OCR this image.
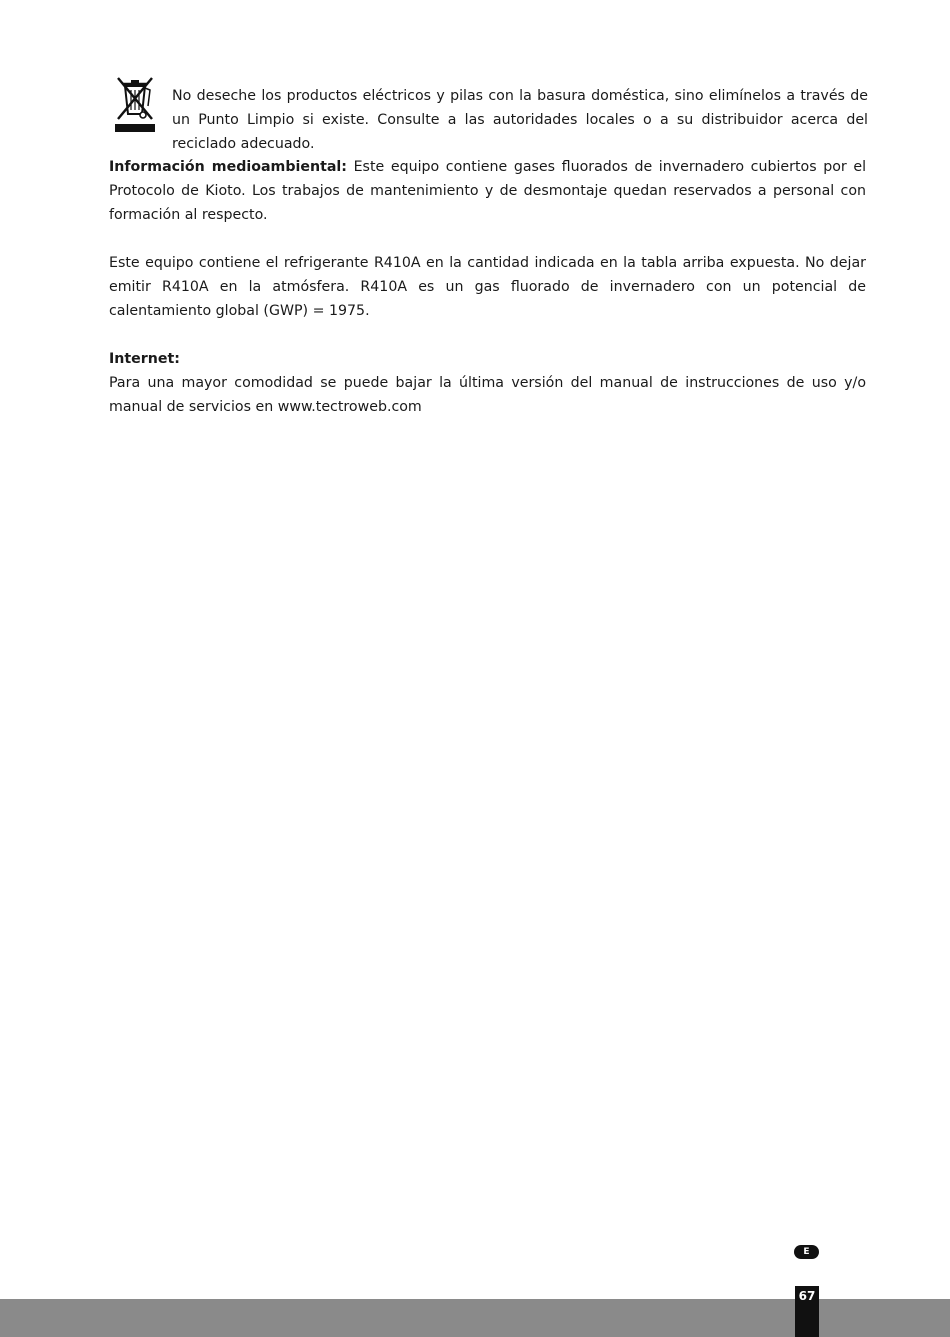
No deseche los productos eléctricos y pilas con la basura doméstica, sino elimínelos a través de un Punto Limpio si existe. Consulte a las autoridades locales o a su distribuidor acerca del reciclado adecuado.

Información medioambiental: Este equipo contiene gases fluorados de invernadero cubiertos por el Protocolo de Kioto. Los trabajos de mantenimiento y de desmontaje quedan reservados a personal con formación al respecto.

Este equipo contiene el refrigerante R410A en la cantidad indicada en la tabla arriba expuesta. No dejar emitir R410A en la atmósfera. R410A es un gas fluorado de invernadero con un potencial de calentamiento global (GWP) = 1975.

Internet:

Para una mayor comodidad se puede bajar la última versión del manual de instrucciones de uso y/o manual de servicios en www.tectroweb.com

E
67
